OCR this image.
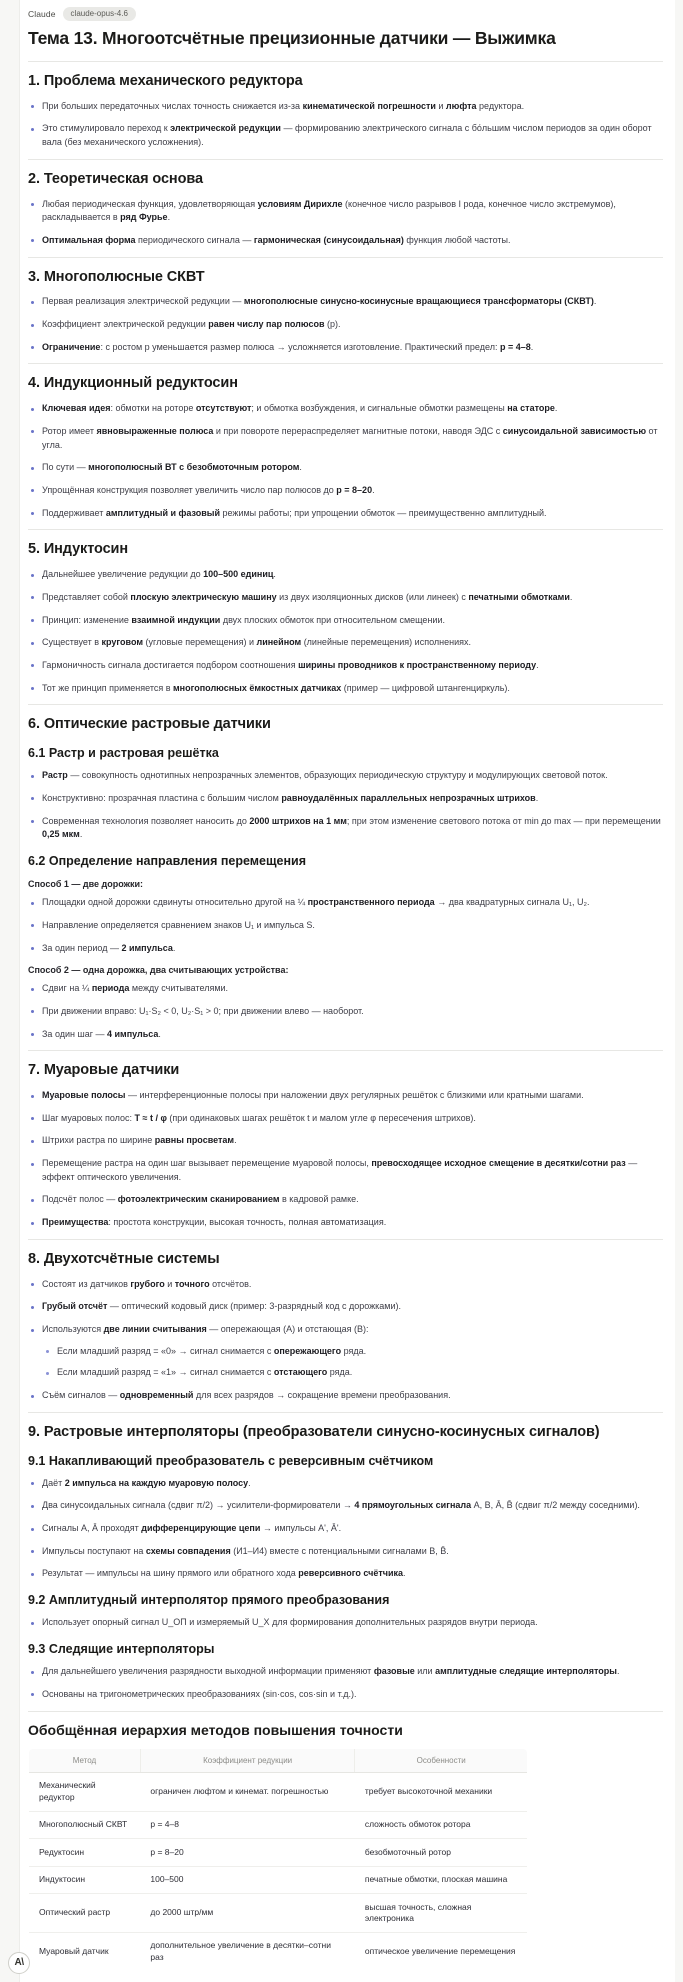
Claude	claude-opus-4.6
Тема 13. Многоотсчётные прецизионные датчики — Выжимка
1. Проблема механического редуктора
При больших передаточных числах точность снижается из-за кинематической погрешности и люфта редуктора.
Это стимулировало переход к электрической редукции — формированию электрического сигнала с бо́льшим числом периодов за один оборот вала (без механического усложнения).
2. Теоретическая основа
Любая периодическая функция, удовлетворяющая условиям Дирихле (конечное число разрывов I рода, конечное число экстремумов), раскладывается в ряд Фурье.
Оптимальная форма периодического сигнала — гармоническая (синусоидальная) функция любой частоты.
3. Многополюсные СКВТ
Первая реализация электрической редукции — многополюсные синусно-косинусные вращающиеся трансформаторы (СКВТ).
Коэффициент электрической редукции равен числу пар полюсов (p).
Ограничение: с ростом p уменьшается размер полюса → усложняется изготовление. Практический предел: p = 4–8.
4. Индукционный редуктосин
Ключевая идея: обмотки на роторе отсутствуют; и обмотка возбуждения, и сигнальные обмотки размещены на статоре.
Ротор имеет явновыраженные полюса и при повороте перераспределяет магнитные потоки, наводя ЭДС с синусоидальной зависимостью от угла.
По сути — многополюсный ВТ с безобмоточным ротором.
Упрощённая конструкция позволяет увеличить число пар полюсов до p = 8–20.
Поддерживает амплитудный и фазовый режимы работы; при упрощении обмоток — преимущественно амплитудный.
5. Индуктосин
Дальнейшее увеличение редукции до 100–500 единиц.
Представляет собой плоскую электрическую машину из двух изоляционных дисков (или линеек) с печатными обмотками.
Принцип: изменение взаимной индукции двух плоских обмоток при относительном смещении.
Существует в круговом (угловые перемещения) и линейном (линейные перемещения) исполнениях.
Гармоничность сигнала достигается подбором соотношения ширины проводников к пространственному периоду.
Тот же принцип применяется в многополюсных ёмкостных датчиках (пример — цифровой штангенциркуль).
6. Оптические растровые датчики
6.1 Растр и растровая решётка
Растр — совокупность однотипных непрозрачных элементов, образующих периодическую структуру и модулирующих световой поток.
Конструктивно: прозрачная пластина с большим числом равноудалённых параллельных непрозрачных штрихов.
Современная технология позволяет наносить до 2000 штрихов на 1 мм; при этом изменение светового потока от min до max — при перемещении 0,25 мкм.
6.2 Определение направления перемещения

Способ 1 — две дорожки:

Площадки одной дорожки сдвинуты относительно другой на ¼ пространственного периода → два квадратурных сигнала U₁, U₂.
Направление определяется сравнением знаков U₁ и импульса S.
За один период — 2 импульса.

Способ 2 — одна дорожка, два считывающих устройства:

Сдвиг на ¼ периода между считывателями.
При движении вправо: U₁·S₂ < 0, U₂·S₁ > 0; при движении влево — наоборот.
За один шаг — 4 импульса.
7. Муаровые датчики
Муаровые полосы — интерференционные полосы при наложении двух регулярных решёток с близкими или кратными шагами.
Шаг муаровых полос: T ≈ t / φ (при одинаковых шагах решёток t и малом угле φ пересечения штрихов).
Штрихи растра по ширине равны просветам.
Перемещение растра на один шаг вызывает перемещение муаровой полосы, превосходящее исходное смещение в десятки/сотни раз — эффект оптического увеличения.
Подсчёт полос — фотоэлектрическим сканированием в кадровой рамке.
Преимущества: простота конструкции, высокая точность, полная автоматизация.
8. Двухотсчётные системы
Состоят из датчиков грубого и точного отсчётов.
Грубый отсчёт — оптический кодовый диск (пример: 3-разрядный код с дорожками).
Используются две линии считывания — опережающая (A) и отстающая (B):
Если младший разряд = «0» → сигнал снимается с опережающего ряда.
Если младший разряд = «1» → сигнал снимается с отстающего ряда.
Съём сигналов — одновременный для всех разрядов → сокращение времени преобразования.
9. Растровые интерполяторы (преобразователи синусно-косинусных сигналов)
9.1 Накапливающий преобразователь с реверсивным счётчиком
Даёт 2 импульса на каждую муаровую полосу.
Два синусоидальных сигнала (сдвиг π/2) → усилители-формирователи → 4 прямоугольных сигнала A, B, Ā, B̄ (сдвиг π/2 между соседними).
Сигналы A, Ā проходят дифференцирующие цепи → импульсы A', Ā'.
Импульсы поступают на схемы совпадения (И1–И4) вместе с потенциальными сигналами B, B̄.
Результат — импульсы на шину прямого или обратного хода реверсивного счётчика.
9.2 Амплитудный интерполятор прямого преобразования
Использует опорный сигнал U_ОП и измеряемый U_X для формирования дополнительных разрядов внутри периода.
9.3 Следящие интерполяторы
Для дальнейшего увеличения разрядности выходной информации применяют фазовые или амплитудные следящие интерполяторы.
Основаны на тригонометрических преобразованиях (sin·cos, cos·sin и т.д.).
Обобщённая иерархия методов повышения точности
Метод	Коэффициент редукции	Особенности
Механический редуктор	ограничен люфтом и кинемат. погрешностью	требует высокоточной механики
Многополюсный СКВТ	p = 4–8	сложность обмоток ротора
Редуктосин	p = 8–20	безобмоточный ротор
Индуктосин	100–500	печатные обмотки, плоская машина
Оптический растр	до 2000 штр/мм	высшая точность, сложная электроника
Муаровый датчик	дополнительное увеличение в десятки–сотни раз	оптическое увеличение перемещения
A\
